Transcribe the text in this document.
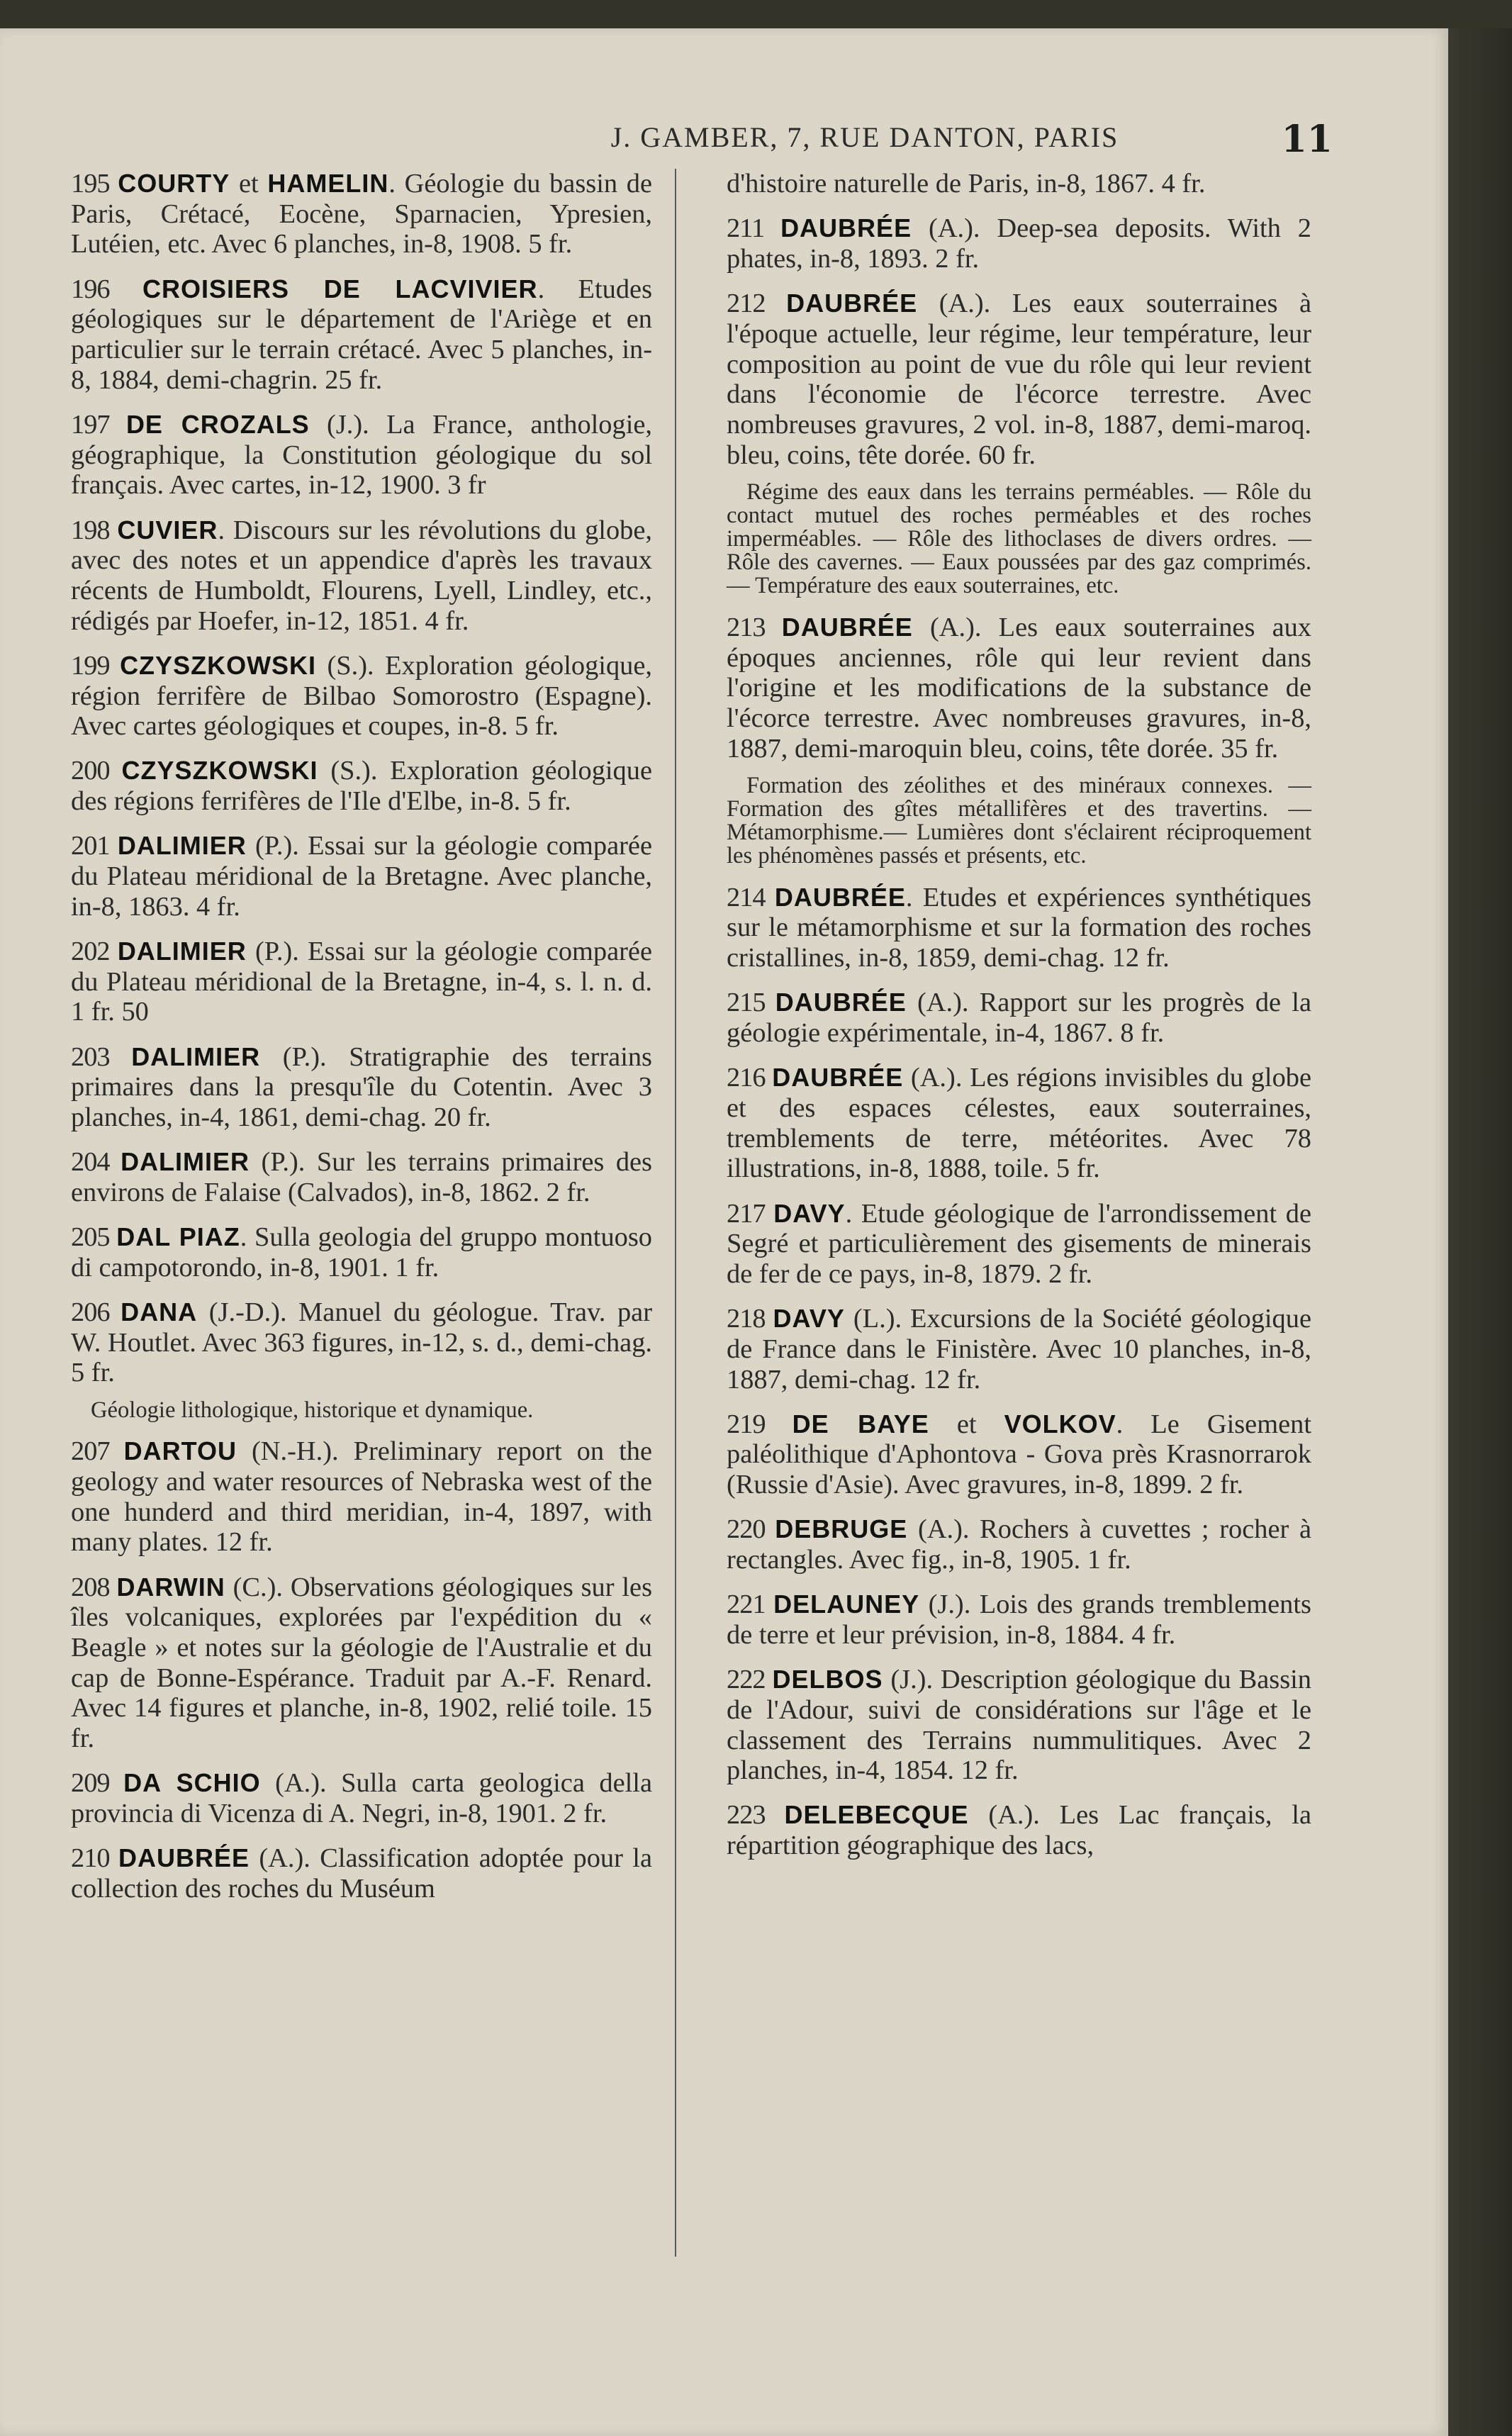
J. GAMBER, 7, RUE DANTON, PARIS	11
195 COURTY et HAMELIN. Géologie du bassin de Paris, Crétacé, Eocène, Sparnacien, Ypresien, Lutéien, etc. Avec 6 planches, in-8, 1908. 5 fr.
196 CROISIERS DE LACVIVIER. Etudes géologiques sur le département de l'Ariège et en particulier sur le terrain crétacé. Avec 5 planches, in-8, 1884, demi-chagrin. 25 fr.
197 DE CROZALS (J.). La France, anthologie, géographique, la Constitution géologique du sol français. Avec cartes, in-12, 1900. 3 fr
198 CUVIER. Discours sur les révolutions du globe, avec des notes et un appendice d'après les travaux récents de Humboldt, Flourens, Lyell, Lindley, etc., rédigés par Hoefer, in-12, 1851. 4 fr.
199 CZYSZKOWSKI (S.). Exploration géologique, région ferrifère de Bilbao Somorostro (Espagne). Avec cartes géologiques et coupes, in-8. 5 fr.
200 CZYSZKOWSKI (S.). Exploration géologique des régions ferrifères de l'Ile d'Elbe, in-8. 5 fr.
201 DALIMIER (P.). Essai sur la géologie comparée du Plateau méridional de la Bretagne. Avec planche, in-8, 1863. 4 fr.
202 DALIMIER (P.). Essai sur la géologie comparée du Plateau méridional de la Bretagne, in-4, s. l. n. d. 1 fr. 50
203 DALIMIER (P.). Stratigraphie des terrains primaires dans la presqu'île du Cotentin. Avec 3 planches, in-4, 1861, demi-chag. 20 fr.
204 DALIMIER (P.). Sur les terrains primaires des environs de Falaise (Calvados), in-8, 1862. 2 fr.
205 DAL PIAZ. Sulla geologia del gruppo montuoso di campotorondo, in-8, 1901. 1 fr.
206 DANA (J.-D.). Manuel du géologue. Trav. par W. Houtlet. Avec 363 figures, in-12, s. d., demi-chag. 5 fr.
Géologie lithologique, historique et dynamique.
207 DARTOU (N.-H.). Preliminary report on the geology and water resources of Nebraska west of the one hunderd and third meridian, in-4, 1897, with many plates. 12 fr.
208 DARWIN (C.). Observations géologiques sur les îles volcaniques, explorées par l'expédition du « Beagle » et notes sur la géologie de l'Australie et du cap de Bonne-Espérance. Traduit par A.-F. Renard. Avec 14 figures et planche, in-8, 1902, relié toile. 15 fr.
209 DA SCHIO (A.). Sulla carta geologica della provincia di Vicenza di A. Negri, in-8, 1901. 2 fr.
210 DAUBRÉE (A.). Classification adoptée pour la collection des roches du Muséum
d'histoire naturelle de Paris, in-8, 1867. 4 fr.
211 DAUBRÉE (A.). Deep-sea deposits. With 2 phates, in-8, 1893. 2 fr.
212 DAUBRÉE (A.). Les eaux souterraines à l'époque actuelle, leur régime, leur température, leur composition au point de vue du rôle qui leur revient dans l'économie de l'écorce terrestre. Avec nombreuses gravures, 2 vol. in-8, 1887, demi-maroq. bleu, coins, tête dorée. 60 fr.
Régime des eaux dans les terrains perméables. — Rôle du contact mutuel des roches perméables et des roches imperméables. — Rôle des lithoclases de divers ordres. — Rôle des cavernes. — Eaux poussées par des gaz comprimés. — Température des eaux souterraines, etc.
213 DAUBRÉE (A.). Les eaux souterraines aux époques anciennes, rôle qui leur revient dans l'origine et les modifications de la substance de l'écorce terrestre. Avec nombreuses gravures, in-8, 1887, demi-maroquin bleu, coins, tête dorée. 35 fr.
Formation des zéolithes et des minéraux connexes. — Formation des gîtes métallifères et des travertins. — Métamorphisme.— Lumières dont s'éclairent réciproquement les phénomènes passés et présents, etc.
214 DAUBRÉE. Etudes et expériences synthétiques sur le métamorphisme et sur la formation des roches cristallines, in-8, 1859, demi-chag. 12 fr.
215 DAUBRÉE (A.). Rapport sur les progrès de la géologie expérimentale, in-4, 1867. 8 fr.
216 DAUBRÉE (A.). Les régions invisibles du globe et des espaces célestes, eaux souterraines, tremblements de terre, météorites. Avec 78 illustrations, in-8, 1888, toile. 5 fr.
217 DAVY. Etude géologique de l'arrondissement de Segré et particulièrement des gisements de minerais de fer de ce pays, in-8, 1879. 2 fr.
218 DAVY (L.). Excursions de la Société géologique de France dans le Finistère. Avec 10 planches, in-8, 1887, demi-chag. 12 fr.
219 DE BAYE et VOLKOV. Le Gisement paléolithique d'Aphontova - Gova près Krasnorrarok (Russie d'Asie). Avec gravures, in-8, 1899. 2 fr.
220 DEBRUGE (A.). Rochers à cuvettes ; rocher à rectangles. Avec fig., in-8, 1905. 1 fr.
221 DELAUNEY (J.). Lois des grands tremblements de terre et leur prévision, in-8, 1884. 4 fr.
222 DELBOS (J.). Description géologique du Bassin de l'Adour, suivi de considérations sur l'âge et le classement des Terrains nummulitiques. Avec 2 planches, in-4, 1854. 12 fr.
223 DELEBECQUE (A.). Les Lac français, la répartition géographique des lacs,
